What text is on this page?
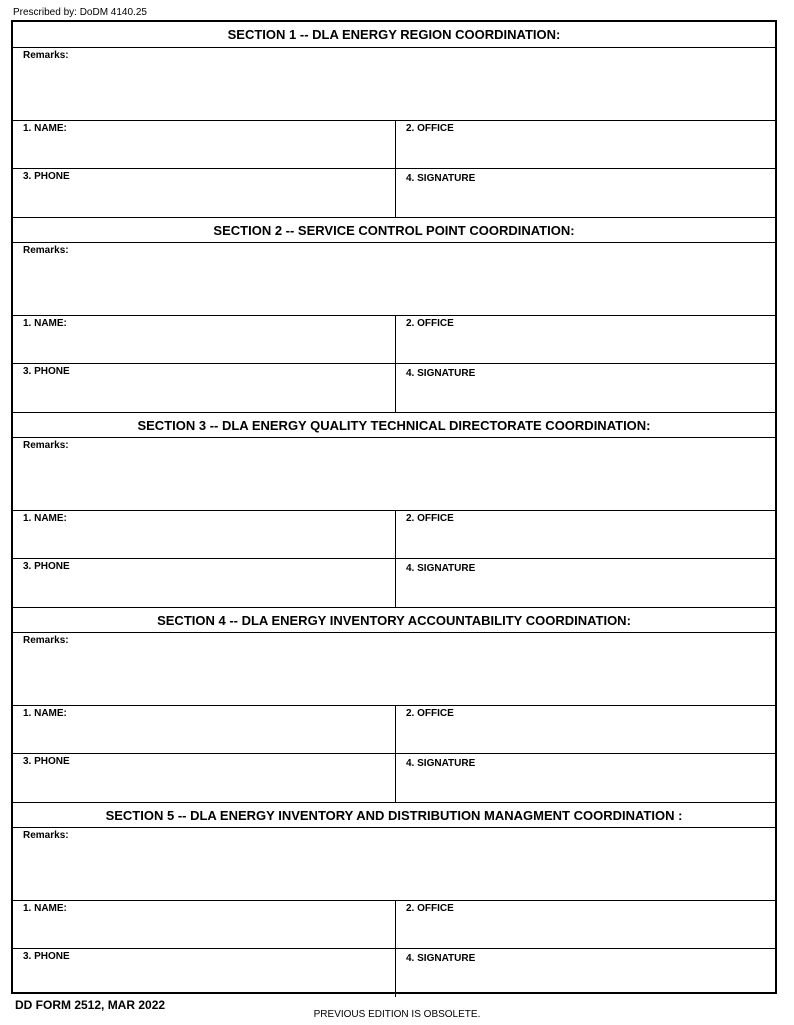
Prescribed by: DoDM 4140.25
SECTION 1 -- DLA ENERGY REGION COORDINATION:
Remarks:
1. NAME:	2. OFFICE
3. PHONE	4. SIGNATURE
SECTION 2 -- SERVICE CONTROL POINT COORDINATION:
Remarks:
1. NAME:	2. OFFICE
3. PHONE	4. SIGNATURE
SECTION 3 -- DLA ENERGY QUALITY TECHNICAL DIRECTORATE COORDINATION:
Remarks:
1. NAME:	2. OFFICE
3. PHONE	4. SIGNATURE
SECTION 4 -- DLA ENERGY INVENTORY ACCOUNTABILITY COORDINATION:
Remarks:
1. NAME:	2. OFFICE
3. PHONE	4. SIGNATURE
SECTION 5 -- DLA ENERGY INVENTORY AND DISTRIBUTION MANAGMENT COORDINATION :
Remarks:
1. NAME:	2. OFFICE
3. PHONE	4. SIGNATURE
DD FORM 2512, MAR 2022
PREVIOUS EDITION IS OBSOLETE.
